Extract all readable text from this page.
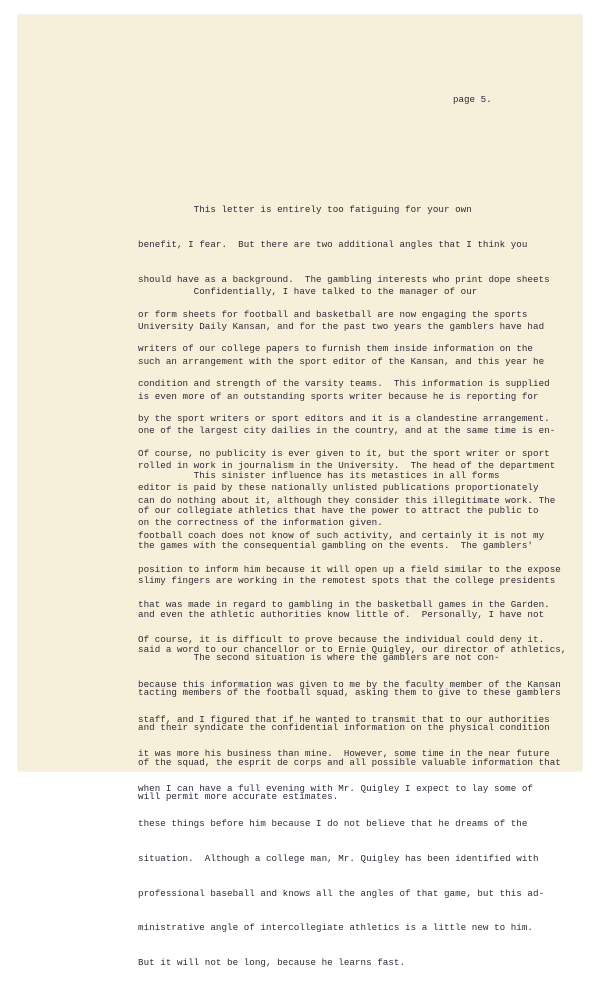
page 5.

This letter is entirely too fatiguing for your own

benefit, I fear.  But there are two additional angles that I think you

should have as a background.  The gambling interests who print dope sheets

or form sheets for football and basketball are now engaging the sports

writers of our college papers to furnish them inside information on the

condition and strength of the varsity teams.  This information is supplied

by the sport writers or sport editors and it is a clandestine arrangement.

Of course, no publicity is ever given to it, but the sport writer or sport

editor is paid by these nationally unlisted publications proportionately

on the correctness of the information given.

Confidentially, I have talked to the manager of our

University Daily Kansan, and for the past two years the gamblers have had

such an arrangement with the sport editor of the Kansan, and this year he

is even more of an outstanding sports writer because he is reporting for

one of the largest city dailies in the country, and at the same time is en-

rolled in work in journalism in the University.  The head of the department

can do nothing about it, although they consider this illegitimate work. The

football coach does not know of such activity, and certainly it is not my

position to inform him because it will open up a field similar to the expose

that was made in regard to gambling in the basketball games in the Garden.

Of course, it is difficult to prove because the individual could deny it.

This sinister influence has its metastices in all forms

of our collegiate athletics that have the power to attract the public to

the games with the consequential gambling on the events.  The gamblers'

slimy fingers are working in the remotest spots that the college presidents

and even the athletic authorities know little of.  Personally, I have not

said a word to our chancellor or to Ernie Quigley, our director of athletics,

because this information was given to me by the faculty member of the Kansan

staff, and I figured that if he wanted to transmit that to our authorities

it was more his business than mine.  However, some time in the near future

when I can have a full evening with Mr. Quigley I expect to lay some of

these things before him because I do not believe that he dreams of the

situation.  Although a college man, Mr. Quigley has been identified with

professional baseball and knows all the angles of that game, but this ad-

ministrative angle of intercollegiate athletics is a little new to him.

But it will not be long, because he learns fast.

The second situation is where the gamblers are not con-

tacting members of the football squad, asking them to give to these gamblers

and their syndicate the confidential information on the physical condition

of the squad, the esprit de corps and all possible valuable information that

will permit more accurate estimates.
